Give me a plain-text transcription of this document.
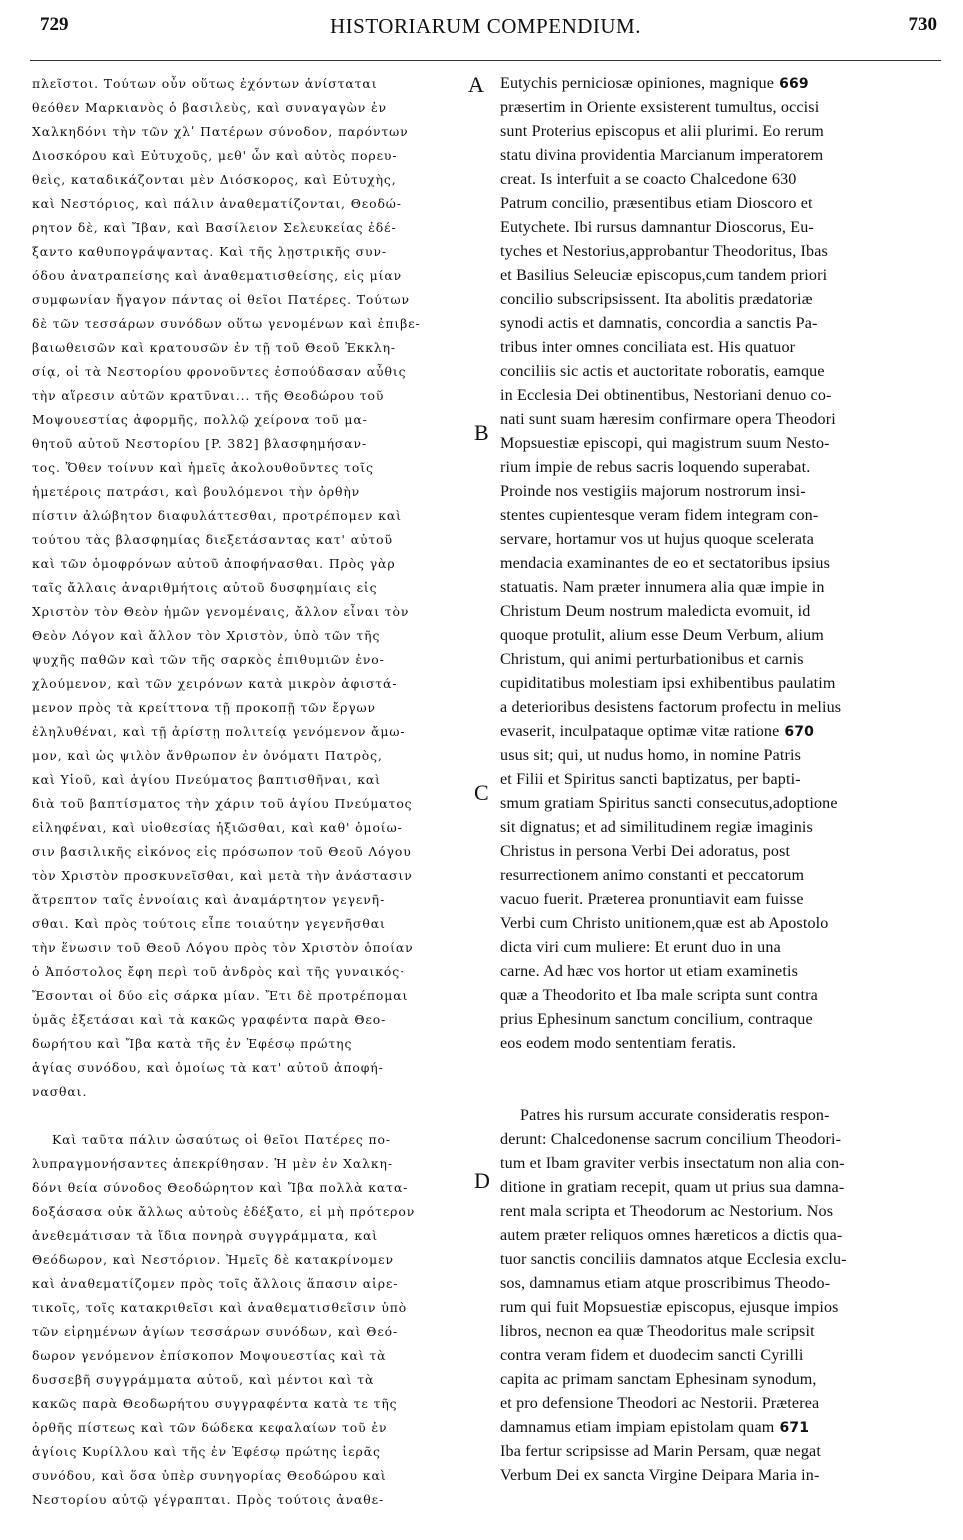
729	HISTORIARUM COMPENDIUM.	730
A
B
C
D
πλεῖστοι. Τούτων οὖν οὕτως ἐχόντων ἀνίσταται
θεόθεν Μαρκιανὸς ὁ βασιλεὺς, καὶ συναγαγὼν ἐν
Χαλκηδόνι τὴν τῶν χλʹ Πατέρων σύνοδον, παρόντων
Διοσκόρου καὶ Εὐτυχοῦς, μεθ' ὧν καὶ αὐτὸς πορευ-
θεὶς, καταδικάζονται μὲν Διόσκορος, καὶ Εὐτυχὴς,
καὶ Νεστόριος, καὶ πάλιν ἀναθεματίζονται, Θεοδώ-
ρητον δὲ, καὶ Ἴβαν, καὶ Βασίλειον Σελευκείας ἐδέ-
ξαντο καθυπογράψαντας. Καὶ τῆς λῃστρικῆς συν-
όδου ἀνατραπείσης καὶ ἀναθεματισθείσης, εἰς μίαν
συμφωνίαν ἤγαγον πάντας οἱ θεῖοι Πατέρες. Τούτων
δὲ τῶν τεσσάρων συνόδων οὕτω γενομένων καὶ ἐπιβε-
βαιωθεισῶν καὶ κρατουσῶν ἐν τῇ τοῦ Θεοῦ Ἐκκλη-
σίᾳ, οἱ τὰ Νεστορίου φρονοῦντες ἐσπούδασαν αὖθις
τὴν αἵρεσιν αὐτῶν κρατῦναι... τῆς Θεοδώρου τοῦ
Μοψουεστίας ἀφορμῆς, πολλῷ χείρονα τοῦ μα-
θητοῦ αὐτοῦ Νεστορίου [P. 382] βλασφημήσαν-
τος. Ὅθεν τοίνυν καὶ ἡμεῖς ἀκολουθοῦντες τοῖς
ἡμετέροις πατράσι, καὶ βουλόμενοι τὴν ὀρθὴν
πίστιν ἀλώβητον διαφυλάττεσθαι, προτρέπομεν καὶ
τούτου τὰς βλασφημίας διεξετάσαντας κατ' αὐτοῦ
καὶ τῶν ὁμοφρόνων αὐτοῦ ἀποφήνασθαι. Πρὸς γὰρ
ταῖς ἄλλαις ἀναριθμήτοις αὐτοῦ δυσφημίαις εἰς
Χριστὸν τὸν Θεὸν ἡμῶν γενομέναις, ἄλλον εἶναι τὸν
Θεὸν Λόγον καὶ ἄλλον τὸν Χριστὸν, ὑπὸ τῶν τῆς
ψυχῆς παθῶν καὶ τῶν τῆς σαρκὸς ἐπιθυμιῶν ἐνο-
χλούμενον, καὶ τῶν χειρόνων κατὰ μικρὸν ἀφιστά-
μενον πρὸς τὰ κρείττονα τῇ προκοπῇ τῶν ἔργων
ἐληλυθέναι, καὶ τῇ ἀρίστῃ πολιτείᾳ γενόμενον ἄμω-
μον, καὶ ὡς ψιλὸν ἄνθρωπον ἐν ὀνόματι Πατρὸς,
καὶ Υἱοῦ, καὶ ἁγίου Πνεύματος βαπτισθῆναι, καὶ
διὰ τοῦ βαπτίσματος τὴν χάριν τοῦ ἁγίου Πνεύματος
εἰληφέναι, καὶ υἱοθεσίας ἠξιῶσθαι, καὶ καθ' ὁμοίω-
σιν βασιλικῆς εἰκόνος εἰς πρόσωπον τοῦ Θεοῦ Λόγου
τὸν Χριστὸν προσκυνεῖσθαι, καὶ μετὰ τὴν ἀνάστασιν
ἄτρεπτον ταῖς ἐννοίαις καὶ ἀναμάρτητον γεγενῆ-
σθαι. Καὶ πρὸς τούτοις εἶπε τοιαύτην γεγενῆσθαι
τὴν ἕνωσιν τοῦ Θεοῦ Λόγου πρὸς τὸν Χριστὸν ὁποίαν
ὁ Ἀπόστολος ἔφη περὶ τοῦ ἀνδρὸς καὶ τῆς γυναικός·
Ἔσονται οἱ δύο εἰς σάρκα μίαν. Ἔτι δὲ προτρέπομαι
ὑμᾶς ἐξετάσαι καὶ τὰ κακῶς γραφέντα παρὰ Θεο-
δωρήτου καὶ Ἴβα κατὰ τῆς ἐν Ἐφέσῳ πρώτης
ἁγίας συνόδου, καὶ ὁμοίως τὰ κατ' αὐτοῦ ἀποφή-
νασθαι.
Καὶ ταῦτα πάλιν ὡσαύτως οἱ θεῖοι Πατέρες πο-
λυπραγμονήσαντες ἀπεκρίθησαν. Ἡ μὲν ἐν Χαλκη-
δόνι θεία σύνοδος Θεοδώρητον καὶ Ἴβα πολλὰ κατα-
δοξάσασα οὐκ ἄλλως αὐτοὺς ἐδέξατο, εἰ μὴ πρότερον
ἀνεθεμάτισαν τὰ ἴδια πονηρὰ συγγράμματα, καὶ
Θεόδωρον, καὶ Νεστόριον. Ἡμεῖς δὲ κατακρίνομεν
καὶ ἀναθεματίζομεν πρὸς τοῖς ἄλλοις ἅπασιν αἱρε-
τικοῖς, τοῖς κατακριθεῖσι καὶ ἀναθεματισθεῖσιν ὑπὸ
τῶν εἰρημένων ἁγίων τεσσάρων συνόδων, καὶ Θεό-
δωρον γενόμενον ἐπίσκοπον Μοψουεστίας καὶ τὰ
δυσσεβῆ συγγράμματα αὐτοῦ, καὶ μέντοι καὶ τὰ
κακῶς παρὰ Θεοδωρήτου συγγραφέντα κατὰ τε τῆς
ὀρθῆς πίστεως καὶ τῶν δώδεκα κεφαλαίων τοῦ ἐν
ἁγίοις Κυρίλλου καὶ τῆς ἐν Ἐφέσῳ πρώτης ἱερᾶς
συνόδου, καὶ ὅσα ὑπὲρ συνηγορίας Θεοδώρου καὶ
Νεστορίου αὐτῷ γέγραπται. Πρὸς τούτοις ἀναθε-
Eutychis perniciosæ opiniones, magnique 669
præsertim in Oriente exsisterent tumultus, occisi
sunt Proterius episcopus et alii plurimi. Eo rerum
statu divina providentia Marcianum imperatorem
creat. Is interfuit a se coacto Chalcedone 630
Patrum concilio, præsentibus etiam Dioscoro et
Eutychete. Ibi rursus damnantur Dioscorus, Eu-
tyches et Nestorius,approbantur Theodoritus, Ibas
et Basilius Seleuciæ episcopus,cum tandem priori
concilio subscripsissent. Ita abolitis prædatoriæ
synodi actis et damnatis, concordia a sanctis Pa-
tribus inter omnes conciliata est. His quatuor
conciliis sic actis et auctoritate roboratis, eamque
in Ecclesia Dei obtinentibus, Nestoriani denuo co-
nati sunt suam hæresim confirmare opera Theodori
Mopsuestiæ episcopi, qui magistrum suum Nesto-
rium impie de rebus sacris loquendo superabat.
Proinde nos vestigiis majorum nostrorum insi-
stentes cupientesque veram fidem integram con-
servare, hortamur vos ut hujus quoque scelerata
mendacia examinantes de eo et sectatoribus ipsius
statuatis. Nam præter innumera alia quæ impie in
Christum Deum nostrum maledicta evomuit, id
quoque protulit, alium esse Deum Verbum, alium
Christum, qui animi perturbationibus et carnis
cupiditatibus molestiam ipsi exhibentibus paulatim
a deterioribus desistens factorum profectu in melius
evaserit, inculpataque optimæ vitæ ratione 670
usus sit; qui, ut nudus homo, in nomine Patris
et Filii et Spiritus sancti baptizatus, per bapti-
smum gratiam Spiritus sancti consecutus,adoptione
sit dignatus; et ad similitudinem regiæ imaginis
Christus in persona Verbi Dei adoratus, post
resurrectionem animo constanti et peccatorum
vacuo fuerit. Præterea pronuntiavit eam fuisse
Verbi cum Christo unitionem,quæ est ab Apostolo
dicta viri cum muliere: Et erunt duo in una
carne. Ad hæc vos hortor ut etiam examinetis
quæ a Theodorito et Iba male scripta sunt contra
prius Ephesinum sanctum concilium, contraque
eos eodem modo sententiam feratis.
Patres his rursum accurate consideratis respon-
derunt: Chalcedonense sacrum concilium Theodori-
tum et Ibam graviter verbis insectatum non alia con-
ditione in gratiam recepit, quam ut prius sua damna-
rent mala scripta et Theodorum ac Nestorium. Nos
autem præter reliquos omnes hæreticos a dictis qua-
tuor sanctis conciliis damnatos atque Ecclesia exclu-
sos, damnamus etiam atque proscribimus Theodo-
rum qui fuit Mopsuestiæ episcopus, ejusque impios
libros, necnon ea quæ Theodoritus male scripsit
contra veram fidem et duodecim sancti Cyrilli
capita ac primam sanctam Ephesinam synodum,
et pro defensione Theodori ac Nestorii. Præterea
damnamus etiam impiam epistolam quam 671
Iba fertur scripsisse ad Marin Persam, quæ negat
Verbum Dei ex sancta Virgine Deipara Maria in-
